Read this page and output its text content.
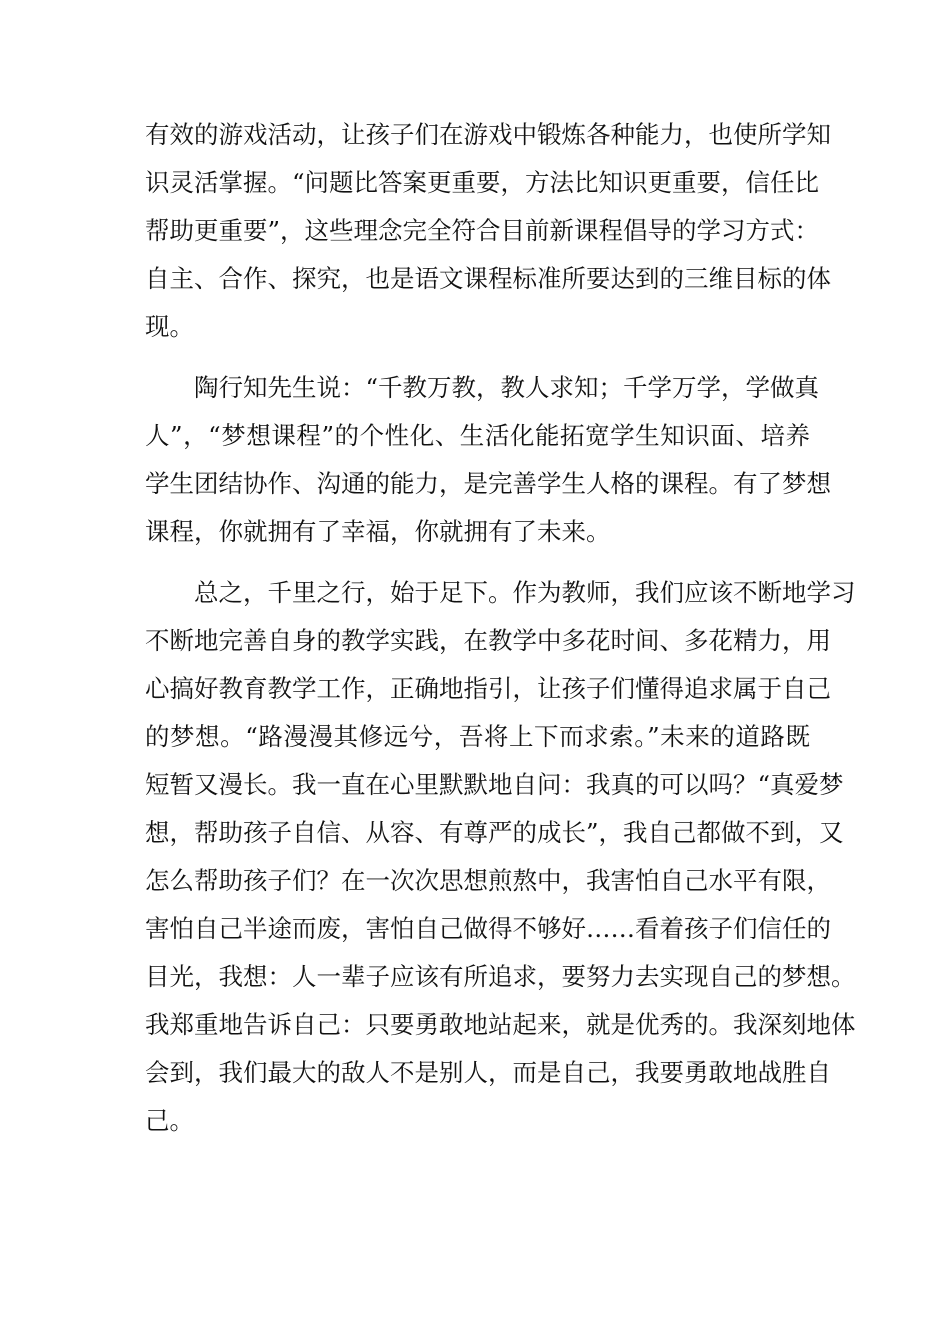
有效的游戏活动，让孩子们在游戏中锻炼各种能力，也使所学知
识灵活掌握。“问题比答案更重要，方法比知识更重要，信任比
帮助更重要”，这些理念完全符合目前新课程倡导的学习方式：
自主、合作、探究，也是语文课程标准所要达到的三维目标的体
现。
　　陶行知先生说：“千教万教，教人求知；千学万学，学做真
人”，“梦想课程”的个性化、生活化能拓宽学生知识面、培养
学生团结协作、沟通的能力，是完善学生人格的课程。有了梦想
课程，你就拥有了幸福，你就拥有了未来。
　　总之，千里之行，始于足下。作为教师，我们应该不断地学习
不断地完善自身的教学实践，在教学中多花时间、多花精力，用
心搞好教育教学工作，正确地指引，让孩子们懂得追求属于自己
的梦想。“路漫漫其修远兮，吾将上下而求索。”未来的道路既
短暂又漫长。我一直在心里默默地自问：我真的可以吗？“真爱梦
想，帮助孩子自信、从容、有尊严的成长”，我自己都做不到，又
怎么帮助孩子们？在一次次思想煎熬中，我害怕自己水平有限，
害怕自己半途而废，害怕自己做得不够好……看着孩子们信任的
目光，我想：人一辈子应该有所追求，要努力去实现自己的梦想。
我郑重地告诉自己：只要勇敢地站起来，就是优秀的。我深刻地体
会到，我们最大的敌人不是别人，而是自己，我要勇敢地战胜自
己。
